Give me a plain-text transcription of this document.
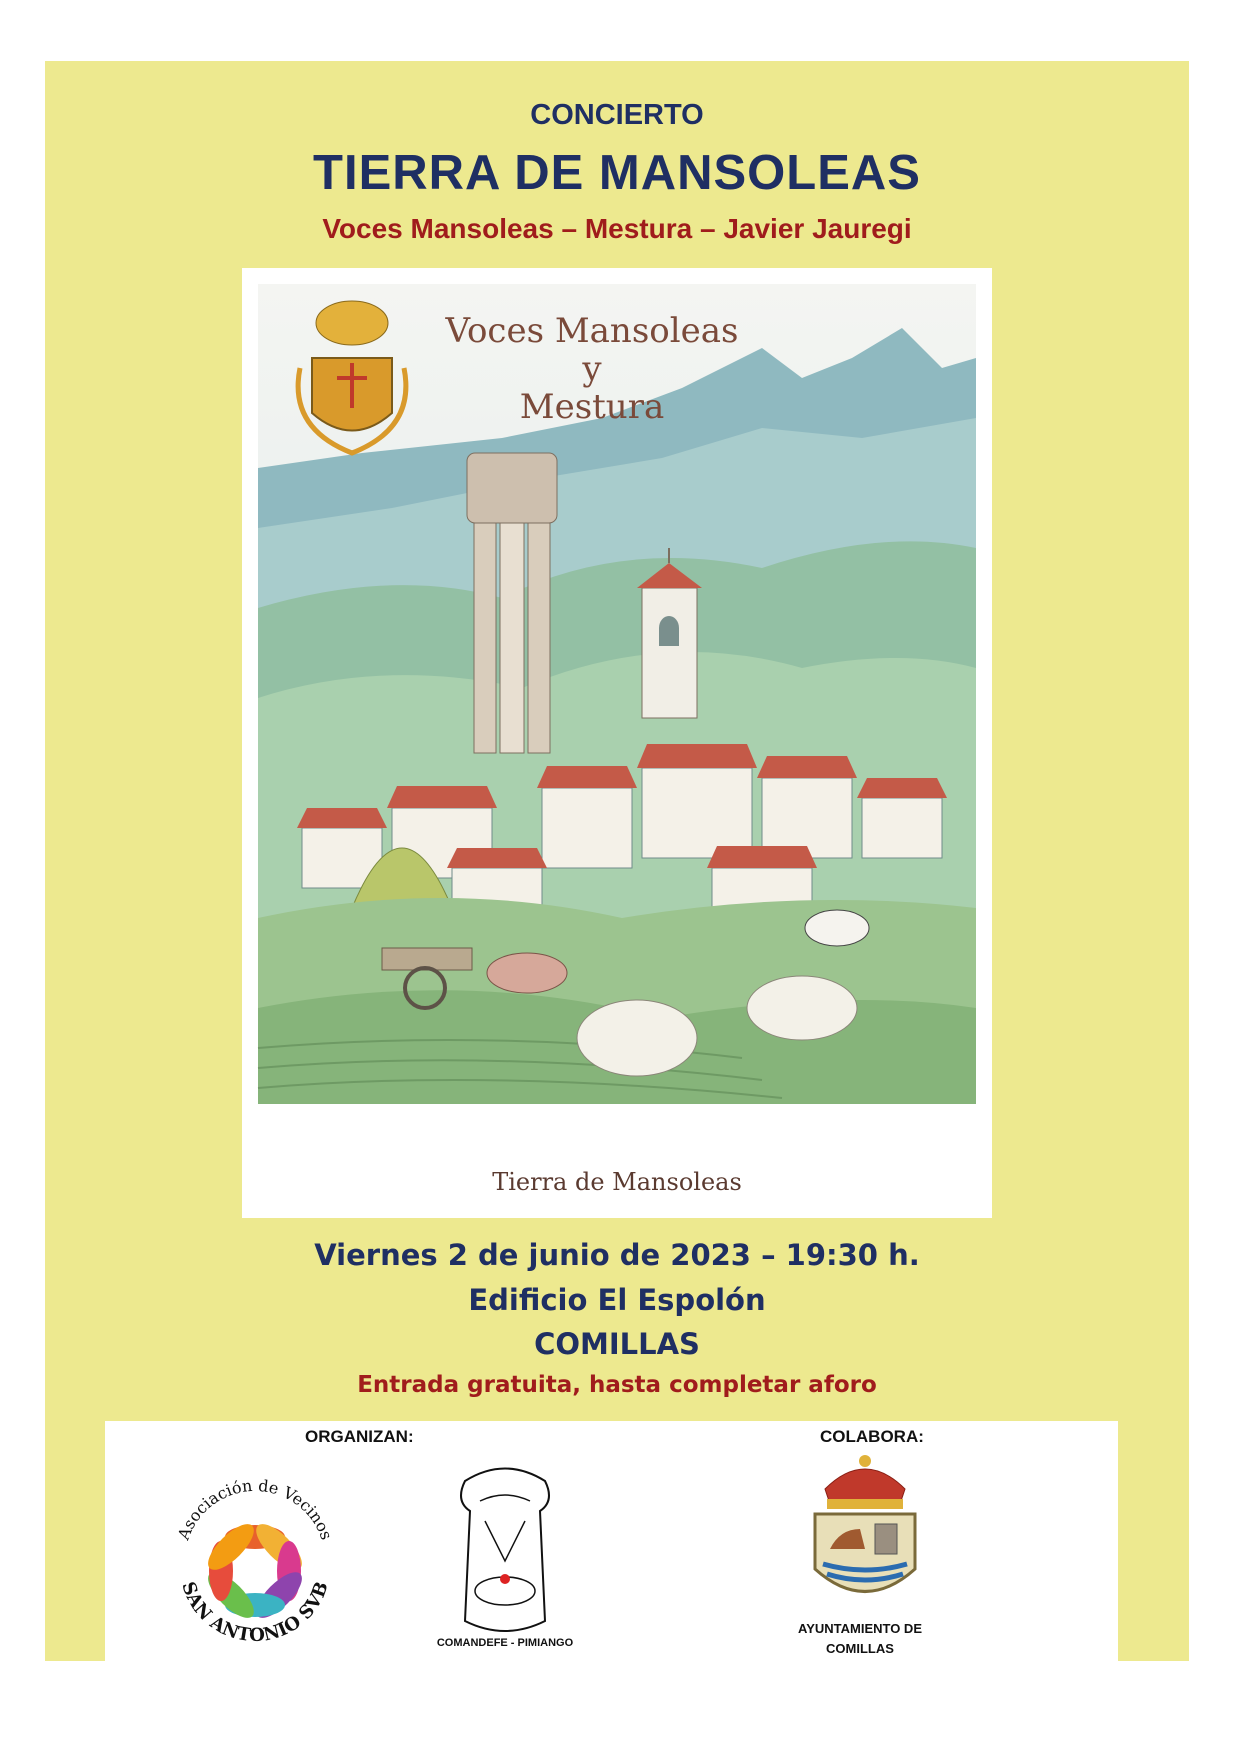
CONCIERTO
TIERRA DE MANSOLEAS
Voces Mansoleas – Mestura – Javier Jauregi
Voces Mansoleas
y
Mestura
Tierra de Mansoleas
Viernes 2 de junio de 2023 – 19:30 h.
Edificio El Espolón
COMILLAS
Entrada gratuita, hasta completar aforo
ORGANIZAN:	COLABORA:
Asociación de Vecinos
SAN ANTONIO SVB
COMANDEFE - PIMIANGO
AYUNTAMIENTO DE
COMILLAS
